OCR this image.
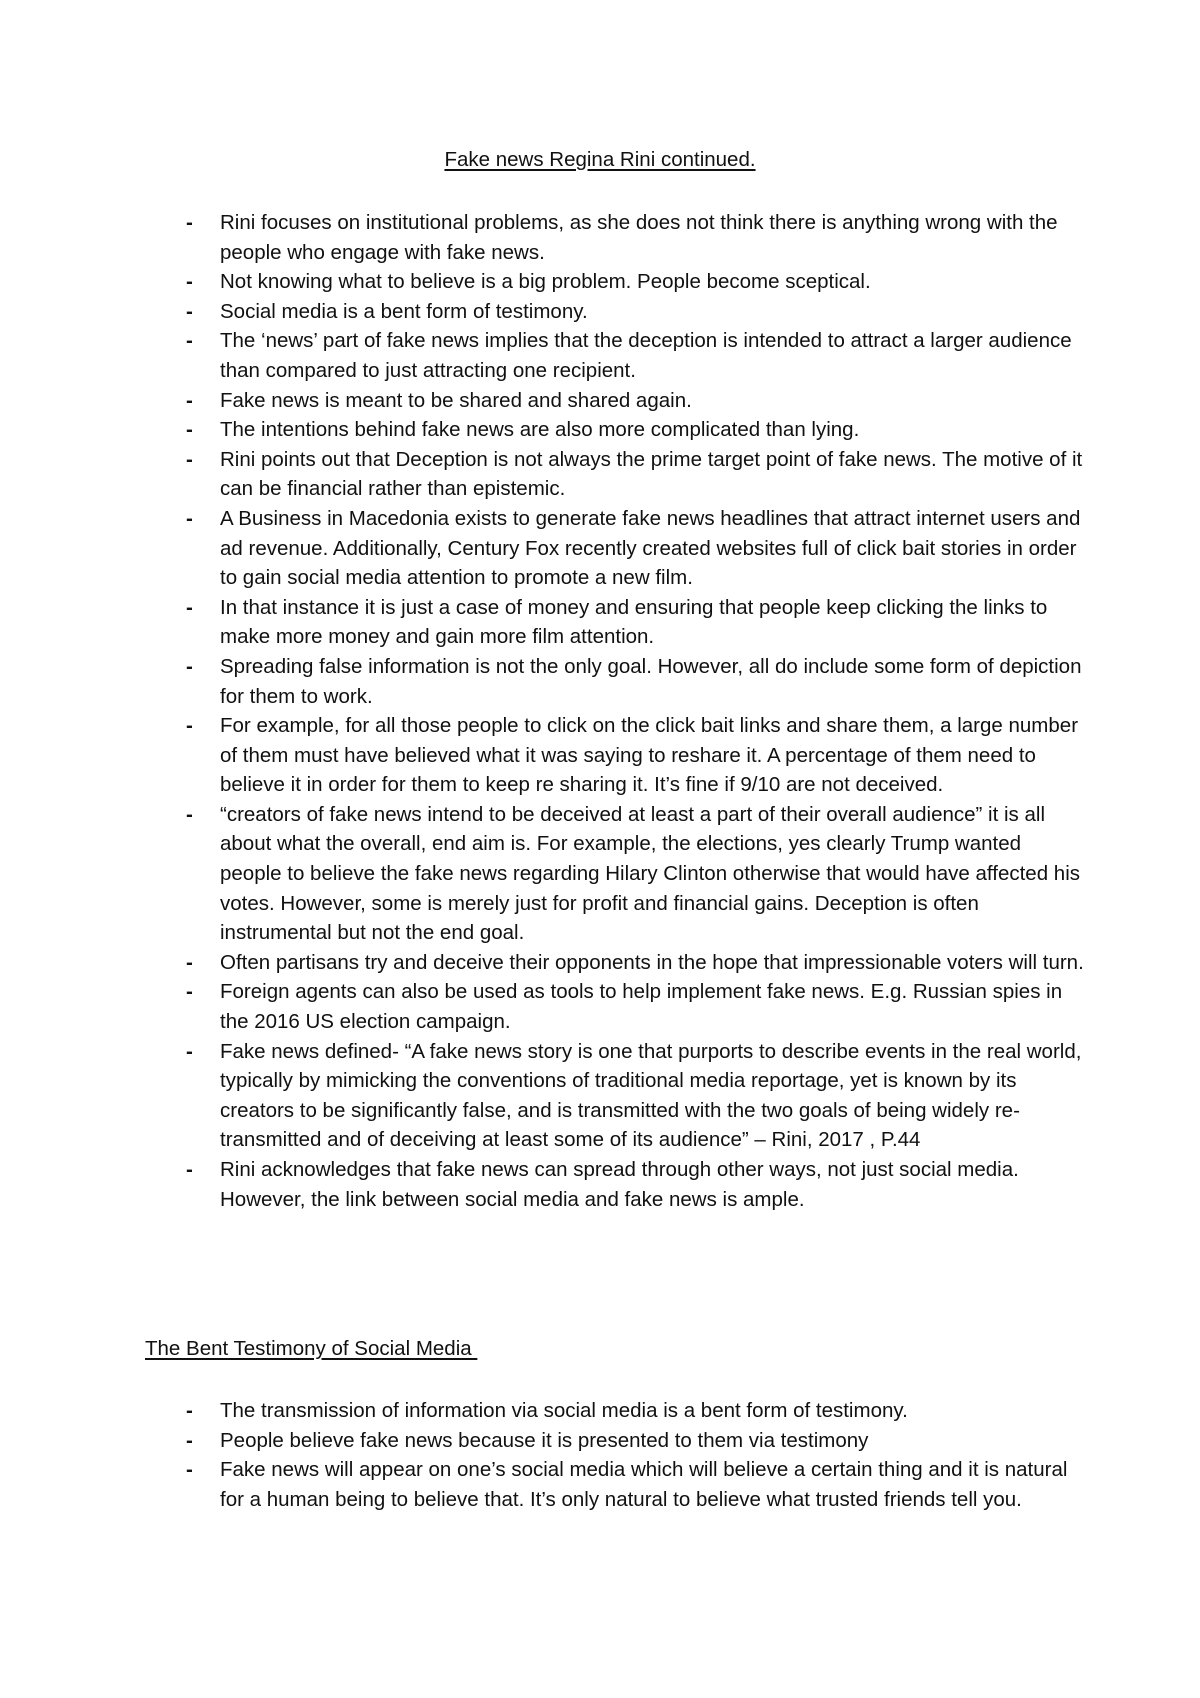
Fake news Regina Rini continued.
- Rini focuses on institutional problems, as she does not think there is anything wrong with the people who engage with fake news.
- Not knowing what to believe is a big problem. People become sceptical.
- Social media is a bent form of testimony.
- The ‘news’ part of fake news implies that the deception is intended to attract a larger audience than compared to just attracting one recipient.
- Fake news is meant to be shared and shared again.
- The intentions behind fake news are also more complicated than lying.
- Rini points out that Deception is not always the prime target point of fake news. The motive of it can be financial rather than epistemic.
- A Business in Macedonia exists to generate fake news headlines that attract internet users and ad revenue. Additionally, Century Fox recently created websites full of click bait stories in order to gain social media attention to promote a new film.
- In that instance it is just a case of money and ensuring that people keep clicking the links to make more money and gain more film attention.
- Spreading false information is not the only goal. However, all do include some form of depiction for them to work.
- For example, for all those people to click on the click bait links and share them, a large number of them must have believed what it was saying to reshare it. A percentage of them need to believe it in order for them to keep re sharing it. It’s fine if 9/10 are not deceived.
- “creators of fake news intend to be deceived at least a part of their overall audience” it is all about what the overall, end aim is. For example, the elections, yes clearly Trump wanted people to believe the fake news regarding Hilary Clinton otherwise that would have affected his votes. However, some is merely just for profit and financial gains. Deception is often instrumental but not the end goal.
- Often partisans try and deceive their opponents in the hope that impressionable voters will turn.
- Foreign agents can also be used as tools to help implement fake news. E.g. Russian spies in the 2016 US election campaign.
- Fake news defined- “A fake news story is one that purports to describe events in the real world, typically by mimicking the conventions of traditional media reportage, yet is known by its creators to be significantly false, and is transmitted with the two goals of being widely re-transmitted and of deceiving at least some of its audience” – Rini, 2017 , P.44
- Rini acknowledges that fake news can spread through other ways, not just social media. However, the link between social media and fake news is ample.
The Bent Testimony of Social Media
- The transmission of information via social media is a bent form of testimony.
- People believe fake news because it is presented to them via testimony
- Fake news will appear on one’s social media which will believe a certain thing and it is natural for a human being to believe that. It’s only natural to believe what trusted friends tell you.
